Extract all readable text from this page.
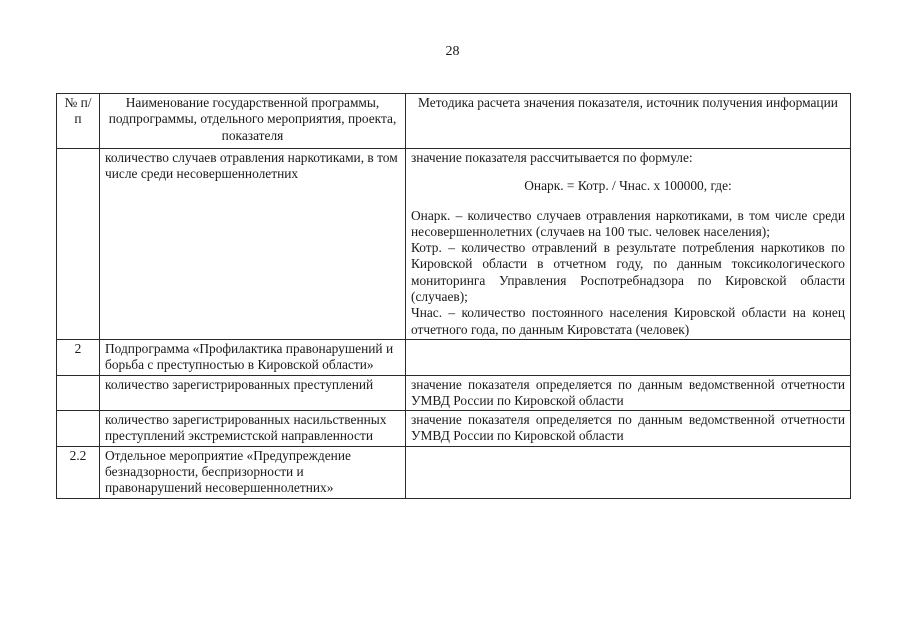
28
№ п/п	Наименование государственной программы, подпрограммы, отдельного мероприятия, проекта, показателя	Методика расчета значения показателя, источник получения информации
	количество случаев отравления наркотиками, в том числе среди несовершеннолетних	значение показателя рассчитывается по формуле:
Онарк. = Котр. / Чнас. х 100000, где:
Онарк. – количество случаев отравления наркотиками, в том числе среди несовершеннолетних (случаев на 100 тыс. человек населения);
Котр. – количество отравлений в результате потребления наркотиков по Кировской области в отчетном году, по данным токсикологического мониторинга Управления Роспотребнадзора по Кировской области (случаев);
Чнас. – количество постоянного населения Кировской области на конец отчетного года, по данным Кировстата (человек)

2	Подпрограмма «Профилактика правонарушений и борьба с преступностью в Кировской области»	
	количество зарегистрированных преступлений	значение показателя определяется по данным ведомственной отчетности УМВД России по Кировской области
	количество зарегистрированных насильственных преступлений экстремистской направленности	значение показателя определяется по данным ведомственной отчетности УМВД России по Кировской области
2.2	Отдельное мероприятие «Предупреждение безнадзорности, беспризорности и правонарушений несовершеннолетних»	
